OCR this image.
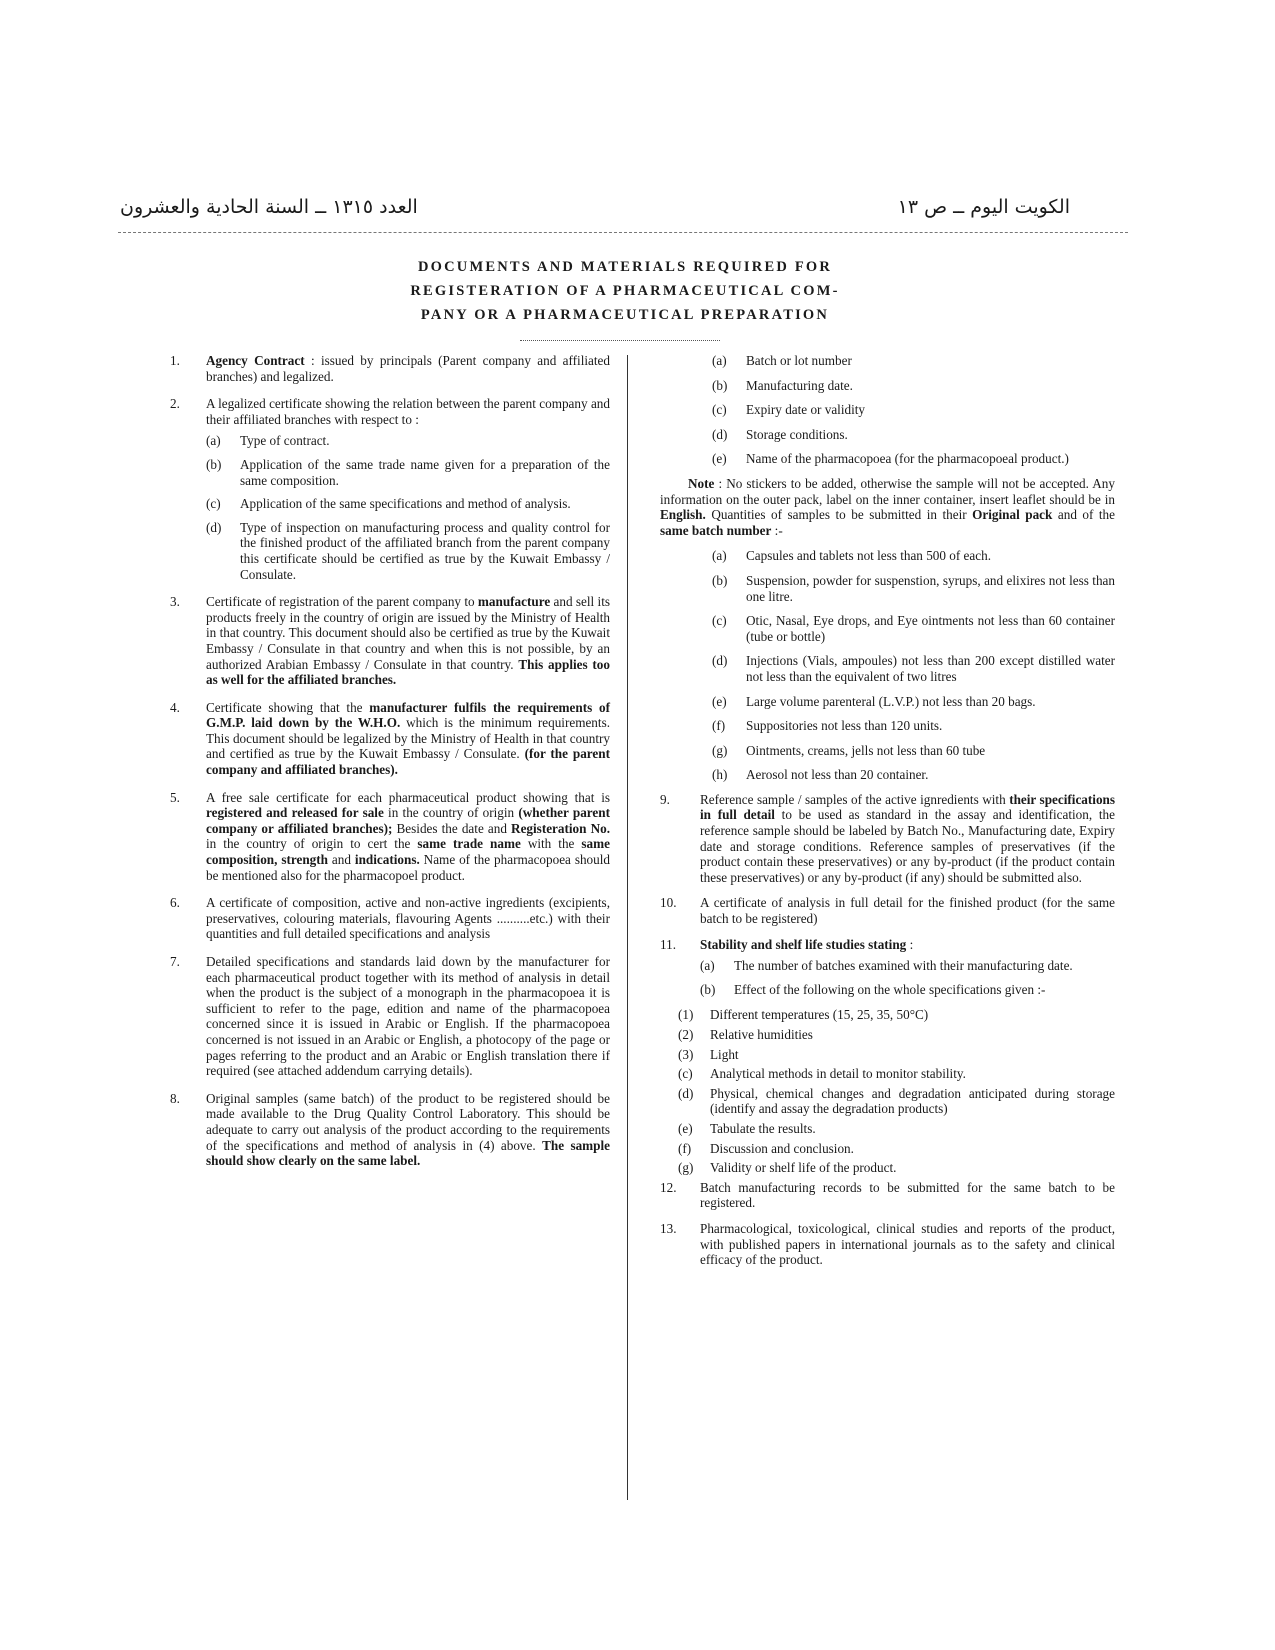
العدد ١٣١٥ ــ السنة الحادية والعشرون	الكويت اليوم ــ ص ١٣
DOCUMENTS AND MATERIALS REQUIRED FOR
REGISTERATION OF A PHARMACEUTICAL COM-
PANY OR A PHARMACEUTICAL PREPARATION
1. Agency Contract : issued by principals (Parent company and affiliated branches) and legalized.
2. A legalized certificate showing the relation between the parent company and their affiliated branches with respect to :
(a) Type of contract.
(b) Application of the same trade name given for a preparation of the same composition.
(c) Application of the same specifications and method of analysis.
(d) Type of inspection on manufacturing process and quality control for the finished product of the affiliated branch from the parent company this certificate should be certified as true by the Kuwait Embassy / Consulate.
3. Certificate of registration of the parent company to manufacture and sell its products freely in the country of origin are issued by the Ministry of Health in that country. This document should also be certified as true by the Kuwait Embassy / Consulate in that country and when this is not possible, by an authorized Arabian Embassy / Consulate in that country. This applies too as well for the affiliated branches.
4. Certificate showing that the manufacturer fulfils the requirements of G.M.P. laid down by the W.H.O. which is the minimum requirements. This document should be legalized by the Ministry of Health in that country and certified as true by the Kuwait Embassy / Consulate. (for the parent company and affiliated branches).
5. A free sale certificate for each pharmaceutical product showing that is registered and released for sale in the country of origin (whether parent company or affiliated branches); Besides the date and Registeration No. in the country of origin to cert the same trade name with the same composition, strength and indications. Name of the pharmacopoea should be mentioned also for the pharmacopoel product.
6. A certificate of composition, active and non-active ingredients (excipients, preservatives, colouring materials, flavouring Agents ..........etc.) with their quantities and full detailed specifications and analysis
7. Detailed specifications and standards laid down by the manufacturer for each pharmaceutical product together with its method of analysis in detail when the product is the subject of a monograph in the pharmacopoea it is sufficient to refer to the page, edition and name of the pharmacopoea concerned since it is issued in Arabic or English. If the pharmacopoea concerned is not issued in an Arabic or English, a photocopy of the page or pages referring to the product and an Arabic or English translation there if required (see attached addendum carrying details).
8. Original samples (same batch) of the product to be registered should be made available to the Drug Quality Control Laboratory. This should be adequate to carry out analysis of the product according to the requirements of the specifications and method of analysis in (4) above. The sample should show clearly on the same label.
(a) Batch or lot number
(b) Manufacturing date.
(c) Expiry date or validity
(d) Storage conditions.
(e) Name of the pharmacopoea (for the pharmacopoeal product.)
Note : No stickers to be added, otherwise the sample will not be accepted. Any information on the outer pack, label on the inner container, insert leaflet should be in English. Quantities of samples to be submitted in their Original pack and of the same batch number :-
(a) Capsules and tablets not less than 500 of each.
(b) Suspension, powder for suspenstion, syrups, and elixires not less than one litre.
(c) Otic, Nasal, Eye drops, and Eye ointments not less than 60 container (tube or bottle)
(d) Injections (Vials, ampoules) not less than 200 except distilled water not less than the equivalent of two litres
(e) Large volume parenteral (L.V.P.) not less than 20 bags.
(f) Suppositories not less than 120 units.
(g) Ointments, creams, jells not less than 60 tube
(h) Aerosol not less than 20 container.
9. Reference sample / samples of the active ignredients with their specifications in full detail to be used as standard in the assay and identification, the reference sample should be labeled by Batch No., Manufacturing date, Expiry date and storage conditions. Reference samples of preservatives (if the product contain these preservatives) or any by-product (if the product contain these preservatives) or any by-product (if any) should be submitted also.
10. A certificate of analysis in full detail for the finished product (for the same batch to be registered)
11. Stability and shelf life studies stating :
(a) The number of batches examined with their manufacturing date.
(b) Effect of the following on the whole specifications given :-
(1) Different temperatures (15, 25, 35, 50°C)
(2) Relative humidities
(3) Light
(c) Analytical methods in detail to monitor stability.
(d) Physical, chemical changes and degradation anticipated during storage (identify and assay the degradation products)
(e) Tabulate the results.
(f) Discussion and conclusion.
(g) Validity or shelf life of the product.
12. Batch manufacturing records to be submitted for the same batch to be registered.
13. Pharmacological, toxicological, clinical studies and reports of the product, with published papers in international journals as to the safety and clinical efficacy of the product.
